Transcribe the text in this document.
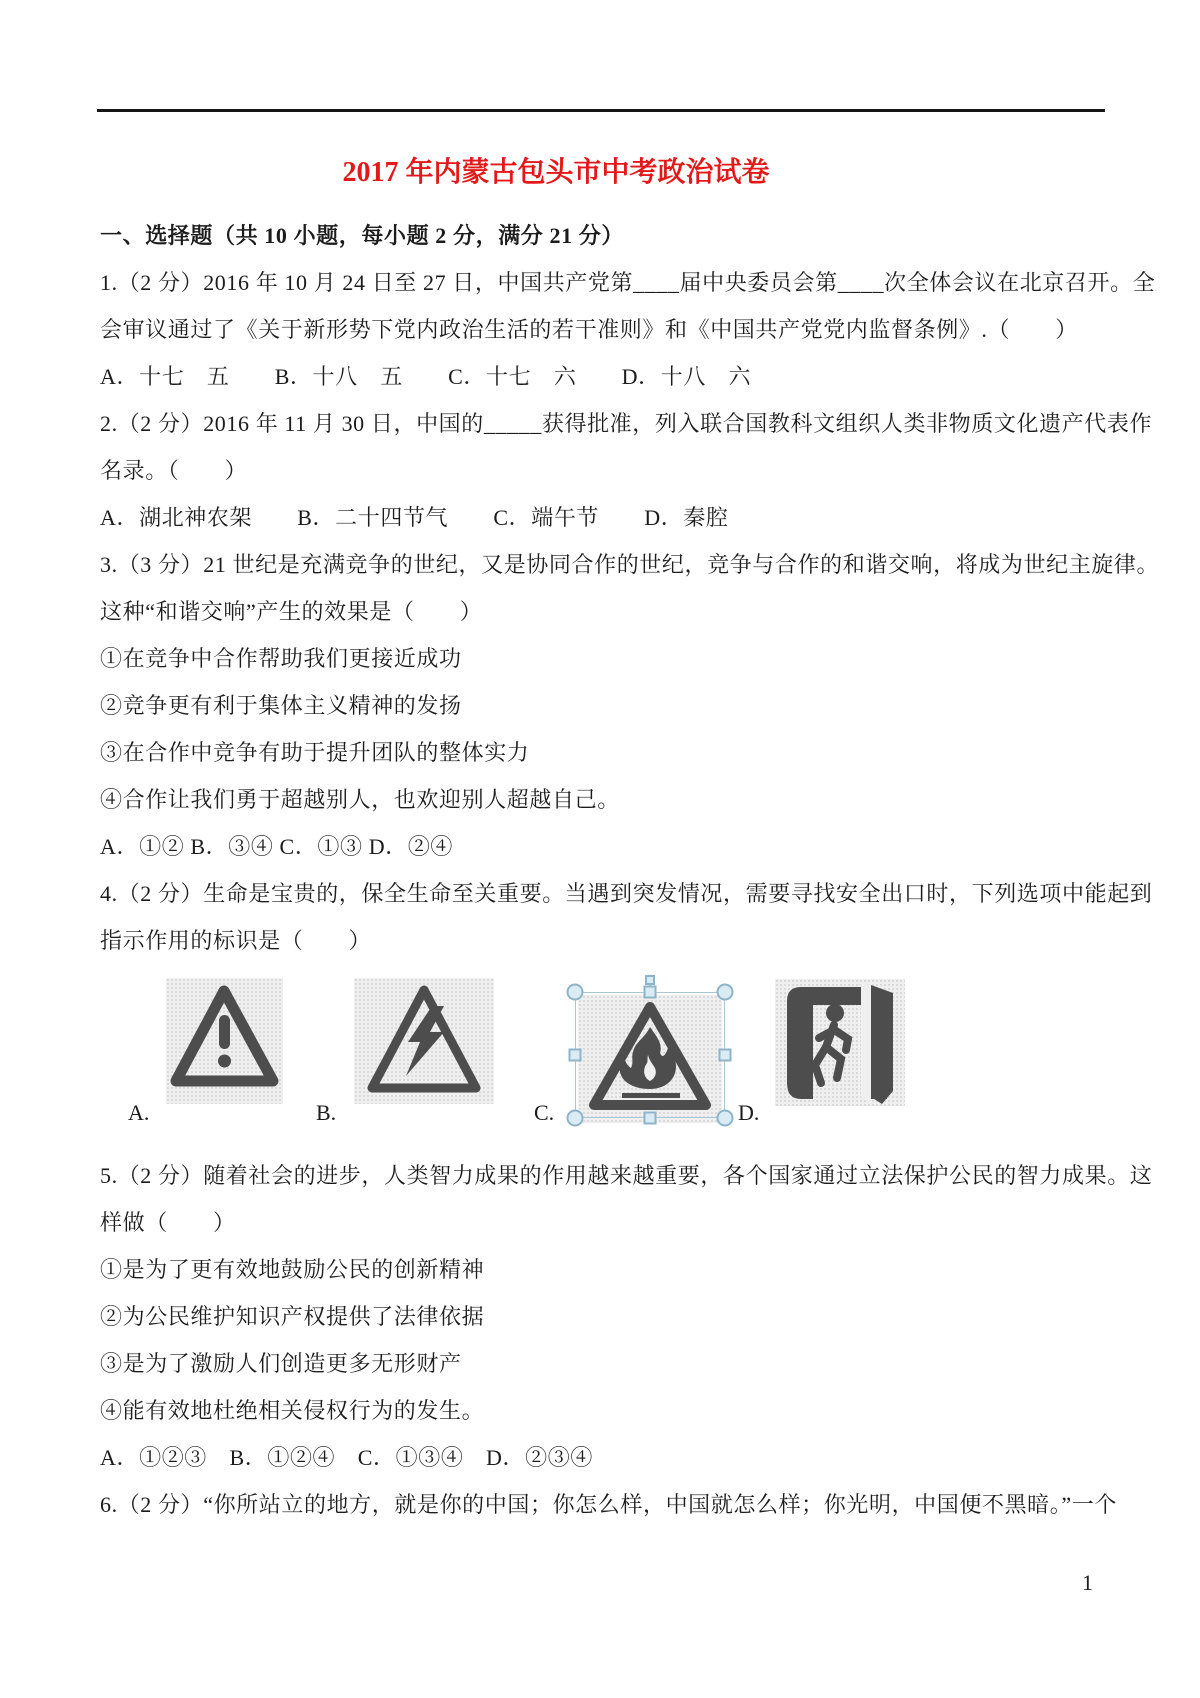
2017 年内蒙古包头市中考政治试卷
一、选择题（共 10 小题，每小题 2 分，满分 21 分）
1.（2 分）2016 年 10 月 24 日至 27 日，中国共产党第____届中央委员会第____次全体会议在北京召开。全
会审议通过了《关于新形势下党内政治生活的若干准则》和《中国共产党党内监督条例》.（　　）
A．十七　五　　B．十八　五　　C．十七　六　　D．十八　六
2.（2 分）2016 年 11 月 30 日，中国的_____获得批准，列入联合国教科文组织人类非物质文化遗产代表作
名录。（　　）
A．湖北神农架　　B．二十四节气　　C．端午节　　D．秦腔
3.（3 分）21 世纪是充满竞争的世纪，又是协同合作的世纪，竞争与合作的和谐交响，将成为世纪主旋律。
这种“和谐交响”产生的效果是（　　）
①在竞争中合作帮助我们更接近成功
②竞争更有利于集体主义精神的发扬
③在合作中竞争有助于提升团队的整体实力
④合作让我们勇于超越别人，也欢迎别人超越自己。
A．①② B．③④ C．①③ D．②④
4.（2 分）生命是宝贵的，保全生命至关重要。当遇到突发情况，需要寻找安全出口时，下列选项中能起到
指示作用的标识是（　　）
A.	B.	C.	D.
5.（2 分）随着社会的进步，人类智力成果的作用越来越重要，各个国家通过立法保护公民的智力成果。这
样做（　　）
①是为了更有效地鼓励公民的创新精神
②为公民维护知识产权提供了法律依据
③是为了激励人们创造更多无形财产
④能有效地杜绝相关侵权行为的发生。
A．①②③　B．①②④　C．①③④　D．②③④
6.（2 分）“你所站立的地方，就是你的中国；你怎么样，中国就怎么样；你光明，中国便不黑暗。”一个
1
